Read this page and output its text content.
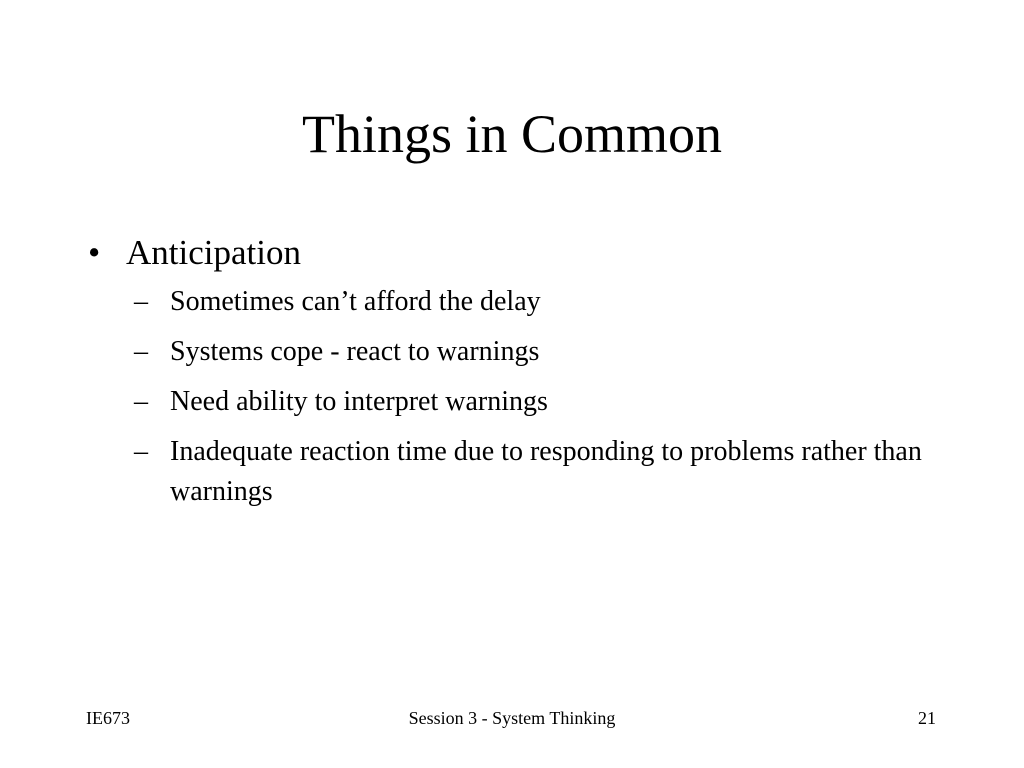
Things in Common
• Anticipation
– Sometimes can’t afford the delay
– Systems cope - react to warnings
– Need ability to interpret warnings
– Inadequate reaction time due to responding to problems rather than warnings
IE673	Session 3 - System Thinking	21
